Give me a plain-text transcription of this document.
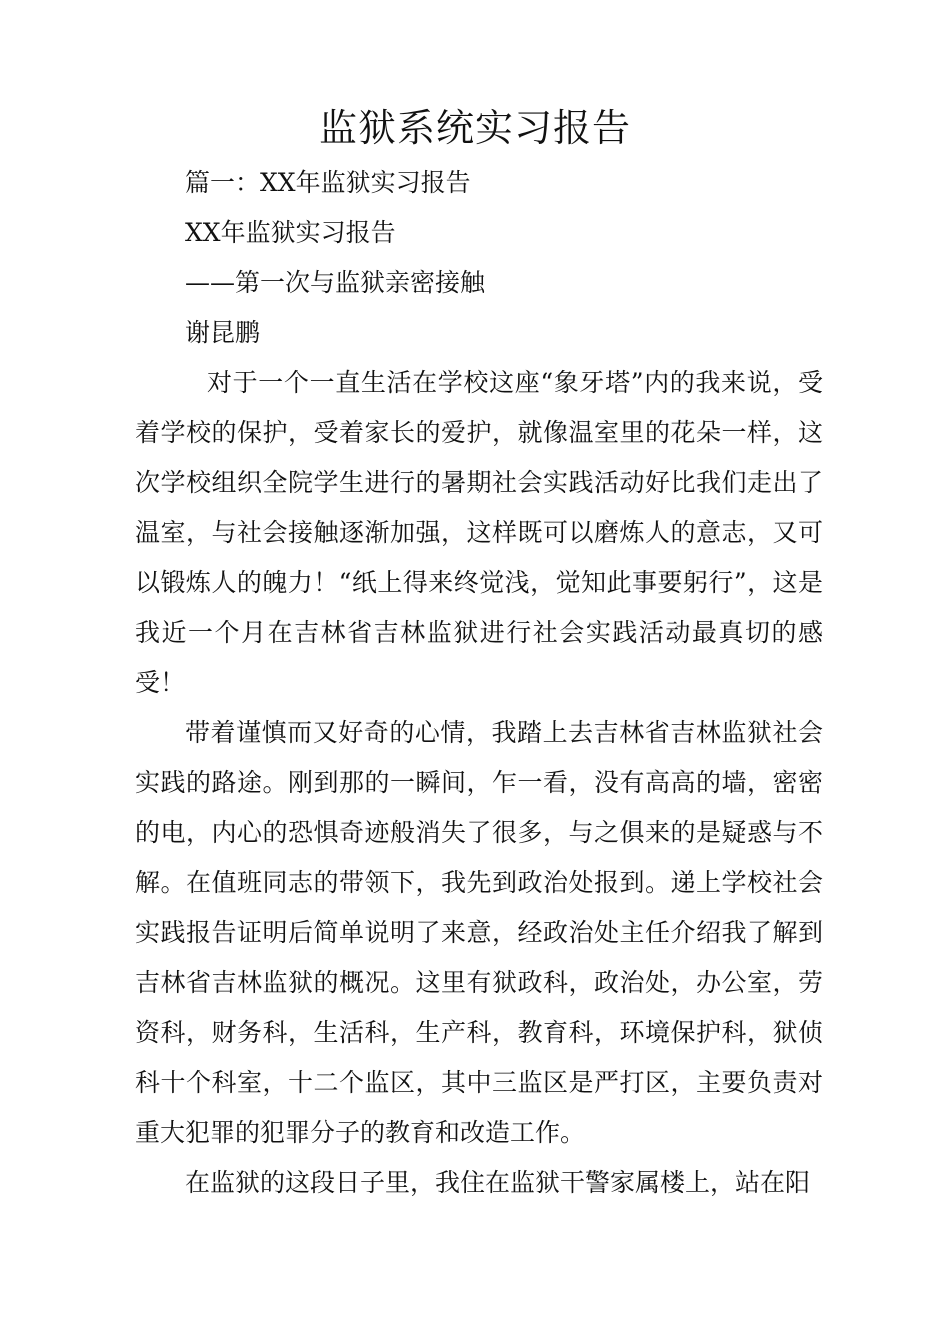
监狱系统实习报告

篇一：XX年监狱实习报告

XX年监狱实习报告

——第一次与监狱亲密接触

谢昆鹏

对于一个一直生活在学校这座“象牙塔”内的我来说，受着学校的保护，受着家长的爱护，就像温室里的花朵一样，这次学校组织全院学生进行的暑期社会实践活动好比我们走出了温室，与社会接触逐渐加强，这样既可以磨炼人的意志，又可以锻炼人的魄力！“纸上得来终觉浅，觉知此事要躬行”，这是我近一个月在吉林省吉林监狱进行社会实践活动最真切的感受！

带着谨慎而又好奇的心情，我踏上去吉林省吉林监狱社会实践的路途。刚到那的一瞬间，乍一看，没有高高的墙，密密的电，内心的恐惧奇迹般消失了很多，与之俱来的是疑惑与不解。在值班同志的带领下，我先到政治处报到。递上学校社会实践报告证明后简单说明了来意，经政治处主任介绍我了解到吉林省吉林监狱的概况。这里有狱政科，政治处，办公室，劳资科，财务科，生活科，生产科，教育科，环境保护科，狱侦科十个科室，十二个监区，其中三监区是严打区，主要负责对重大犯罪的犯罪分子的教育和改造工作。

在监狱的这段日子里，我住在监狱干警家属楼上，站在阳
